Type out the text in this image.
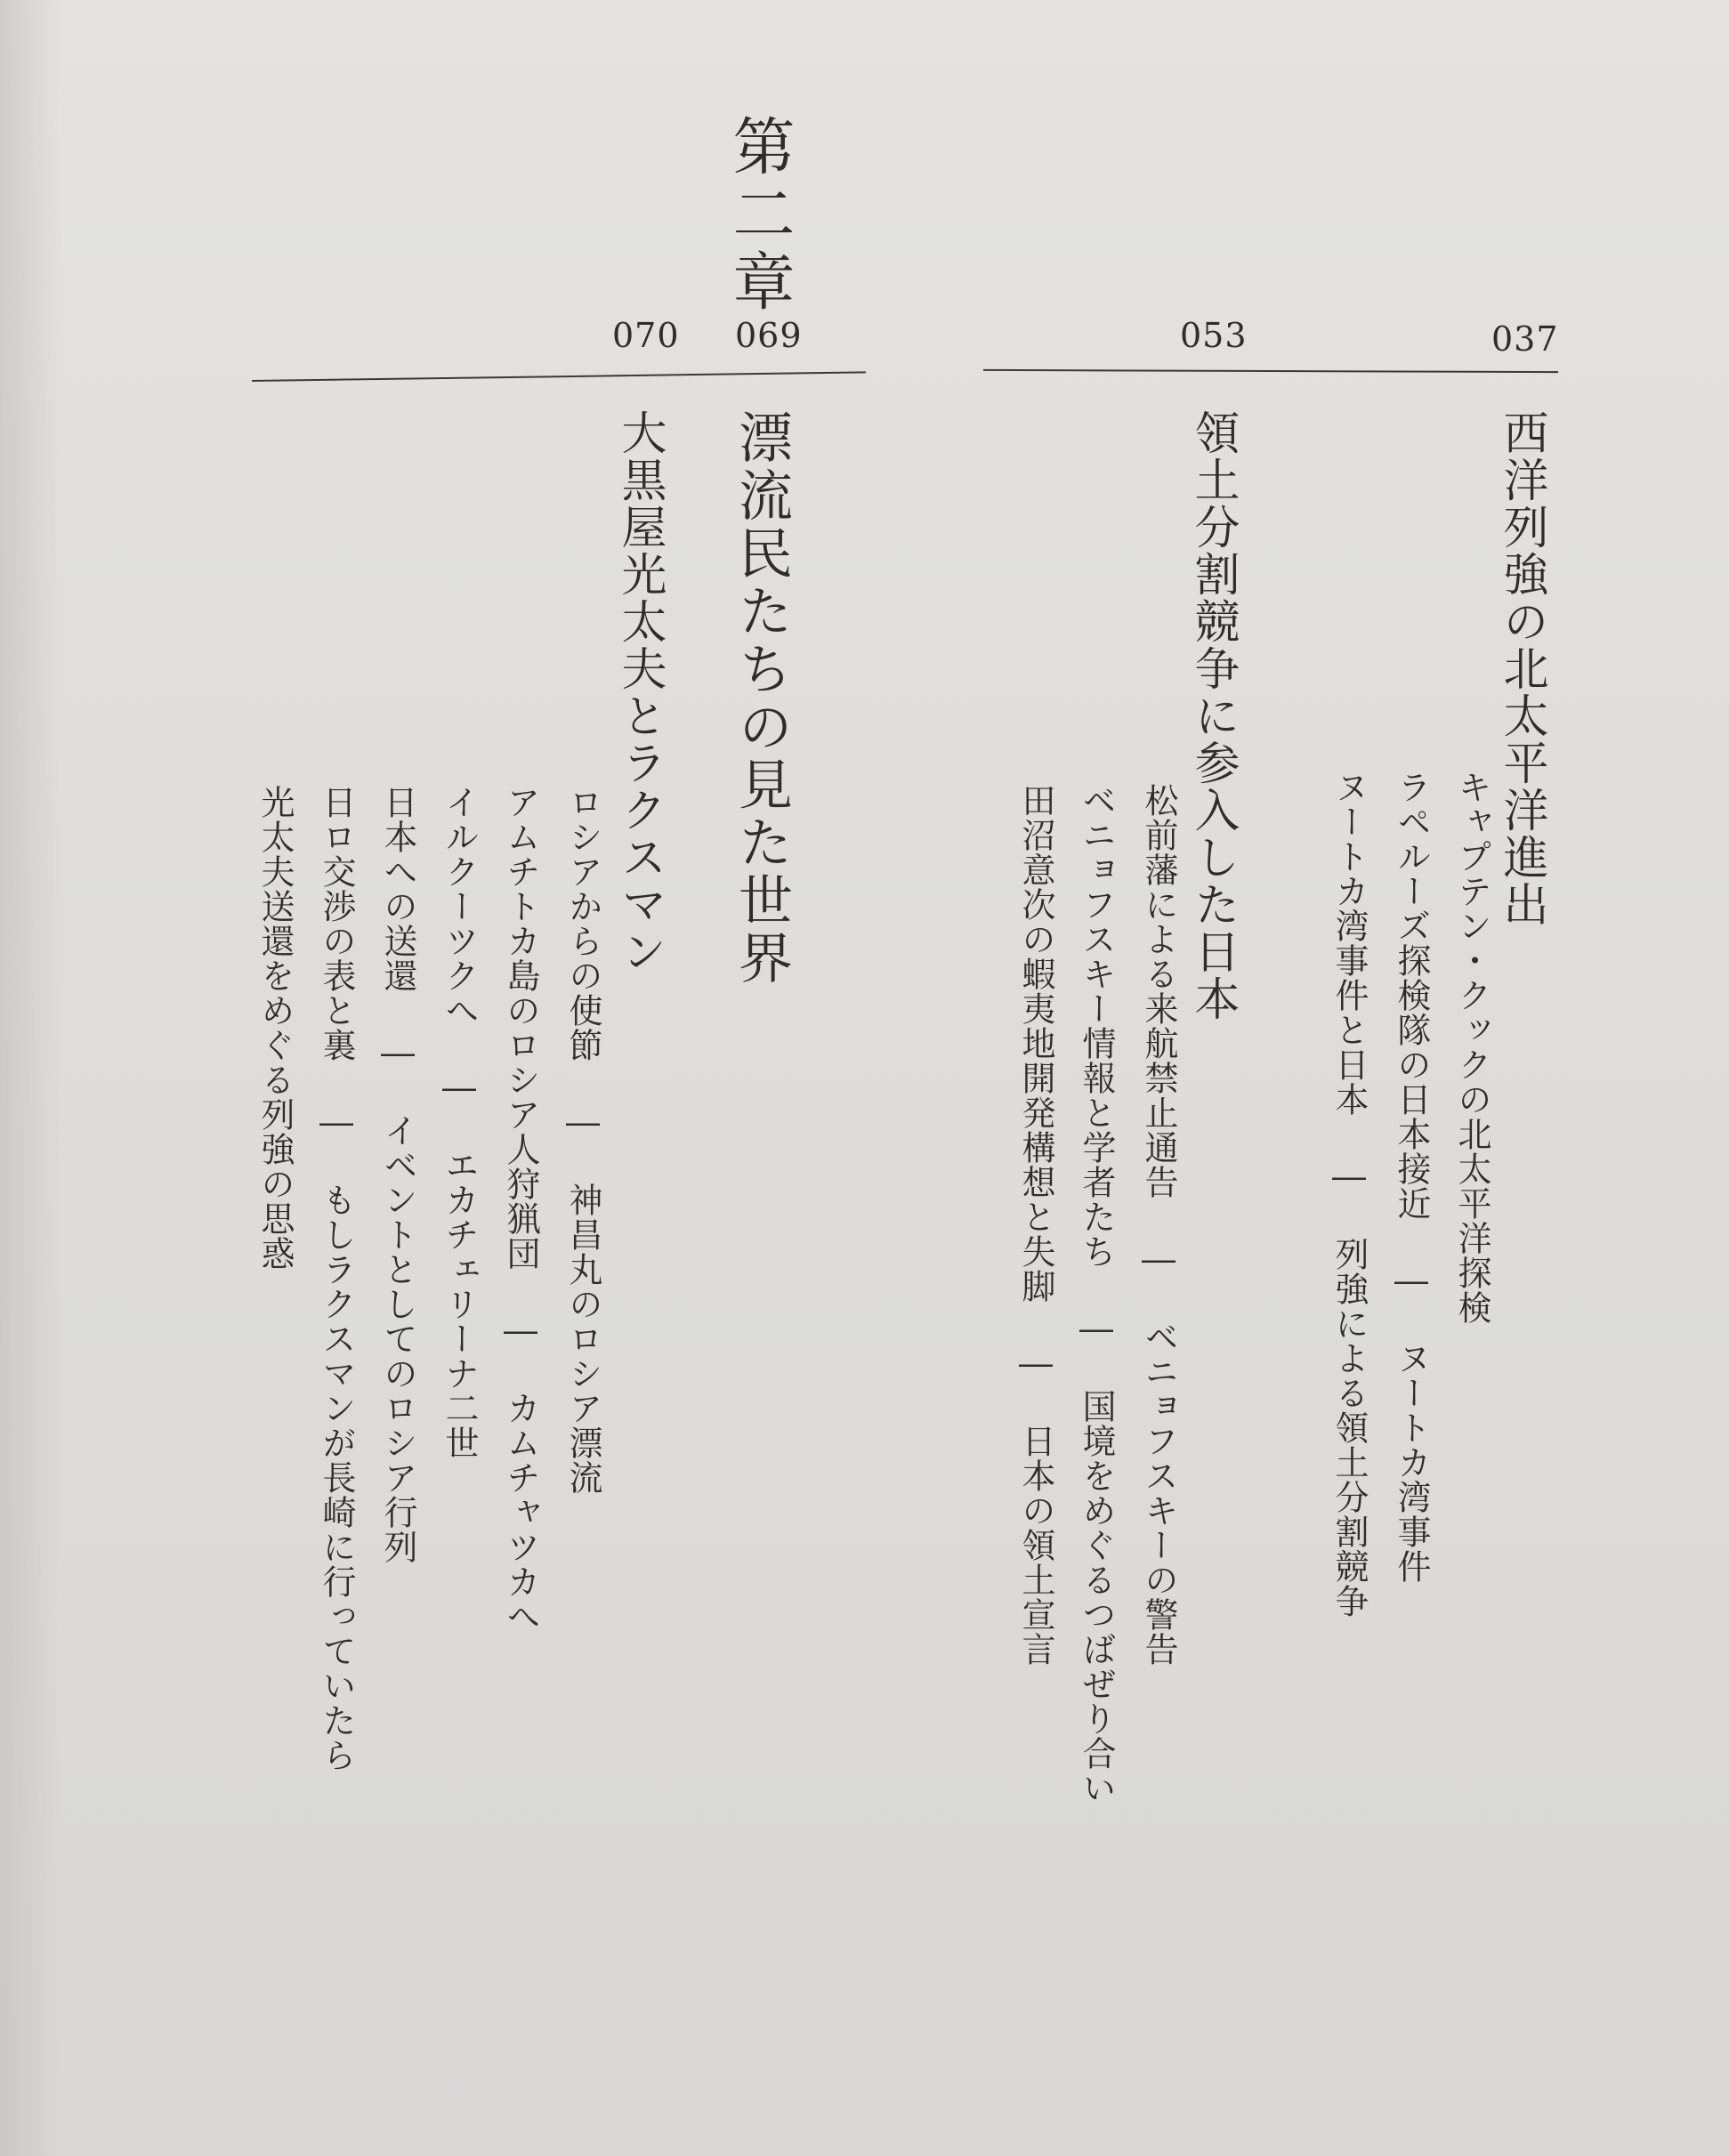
第二章

037

053

069

070

西洋列強の北太平洋進出

キャプテン・クックの北太平洋探検

ラペルーズ探検隊の日本接近 ― ヌートカ湾事件

ヌートカ湾事件と日本 ― 列強による領土分割競争

領土分割競争に参入した日本

松前藩による来航禁止通告 ― ベニョフスキーの警告

ベニョフスキー情報と学者たち ― 国境をめぐるつばぜり合い

田沼意次の蝦夷地開発構想と失脚 ― 日本の領土宣言

漂流民たちの見た世界

大黒屋光太夫とラクスマン

ロシアからの使節 ― 神昌丸のロシア漂流

アムチトカ島のロシア人狩猟団 ― カムチャツカへ

イルクーツクへ ― エカチェリーナ二世

日本への送還 ― イベントとしてのロシア行列

日ロ交渉の表と裏 ― もしラクスマンが長崎に行っていたら

光太夫送還をめぐる列強の思惑
